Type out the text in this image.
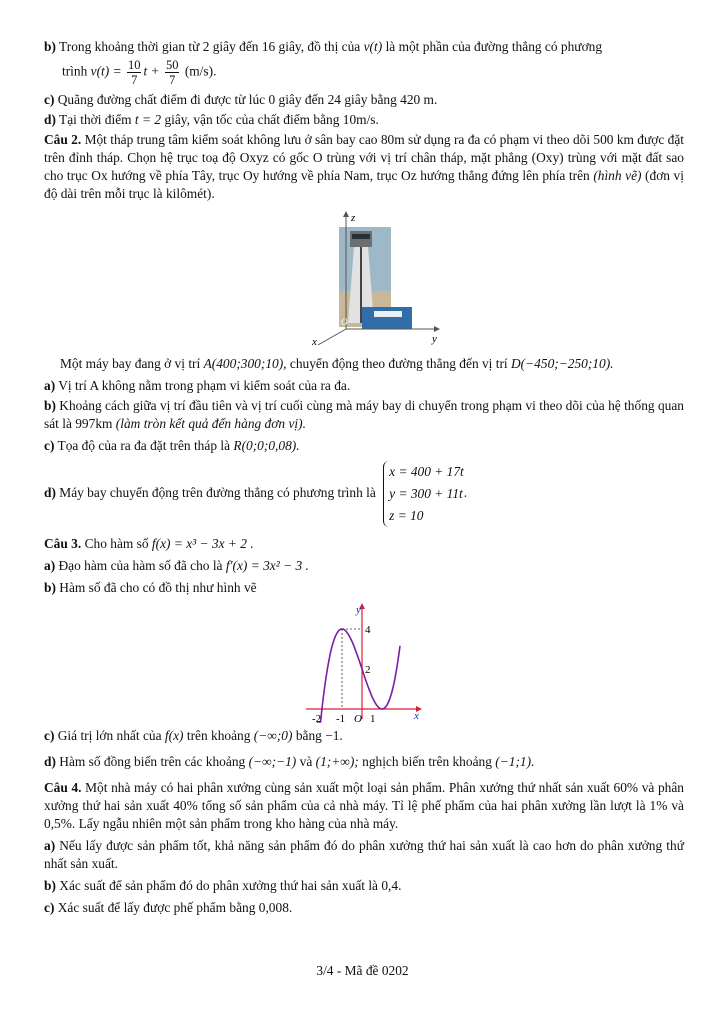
b) Trong khoảng thời gian từ 2 giây đến 16 giây, đồ thị của v(t) là một phần của đường thẳng có phương

trình $v(t) = \frac{10}{7}$ $t + \frac{50}{7} (m/s)$.

c) Quãng đường chất điểm đi được từ lúc 0 giây đến 24 giây bằng 420 m.

d) Tại thời điểm t = 2 giây, vận tốc của chất điểm bằng 10m/s.

Câu 2. Một tháp trung tâm kiểm soát không lưu ở sân bay cao 80m sử dụng ra đa có phạm vi theo dõi 500 km được đặt trên đỉnh tháp. Chọn hệ trục toạ độ Oxyz có gốc O trùng với vị trí chân tháp, mặt phẳng (Oxy) trùng với mặt đất sao cho trục Ox hướng về phía Tây, trục Oy hướng về phía Nam, trục Oz hướng thẳng đứng lên phía trên (hình vẽ) (đơn vị độ dài trên mỗi trục là kilômét).

z
y
x
O

Một máy bay đang ở vị trí A(400;300;10), chuyển động theo đường thẳng đến vị trí D(−450;−250;10).

a) Vị trí A không nằm trong phạm vi kiểm soát của ra đa.

b) Khoảng cách giữa vị trí đầu tiên và vị trí cuối cùng mà máy bay di chuyển trong phạm vi theo dõi của hệ thống quan sát là 997km (làm tròn kết quả đến hàng đơn vị).

c) Tọa độ của ra đa đặt trên tháp là R(0;0;0,08).

d) Máy bay chuyển động trên đường thẳng có phương trình là
x = 400 + 17t
y = 300 + 11t
z = 10
.

Câu 3. Cho hàm số f(x) = x³ − 3x + 2 .

a) Đạo hàm của hàm số đã cho là f′(x) = 3x² − 3 .

b) Hàm số đã cho có đồ thị như hình vẽ

y
x
4
2
-2 -1 O 1

c) Giá trị lớn nhất của f(x) trên khoảng (−∞;0) bằng −1.

d) Hàm số đồng biến trên các khoảng (−∞;−1) và (1;+∞); nghịch biến trên khoảng (−1;1).

Câu 4. Một nhà máy có hai phân xưởng cùng sản xuất một loại sản phẩm. Phân xưởng thứ nhất sản xuất 60% và phân xưởng thứ hai sản xuất 40% tổng số sản phẩm của cả nhà máy. Tỉ lệ phế phẩm của hai phân xưởng lần lượt là 1% và 0,5%. Lấy ngẫu nhiên một sản phẩm trong kho hàng của nhà máy.

a) Nếu lấy được sản phẩm tốt, khả năng sản phẩm đó do phân xưởng thứ hai sản xuất là cao hơn do phân xưởng thứ nhất sản xuất.

b) Xác suất để sản phẩm đó do phân xưởng thứ hai sản xuất là 0,4.

c) Xác suất để lấy được phế phẩm bằng 0,008.

3/4 - Mã đề 0202
